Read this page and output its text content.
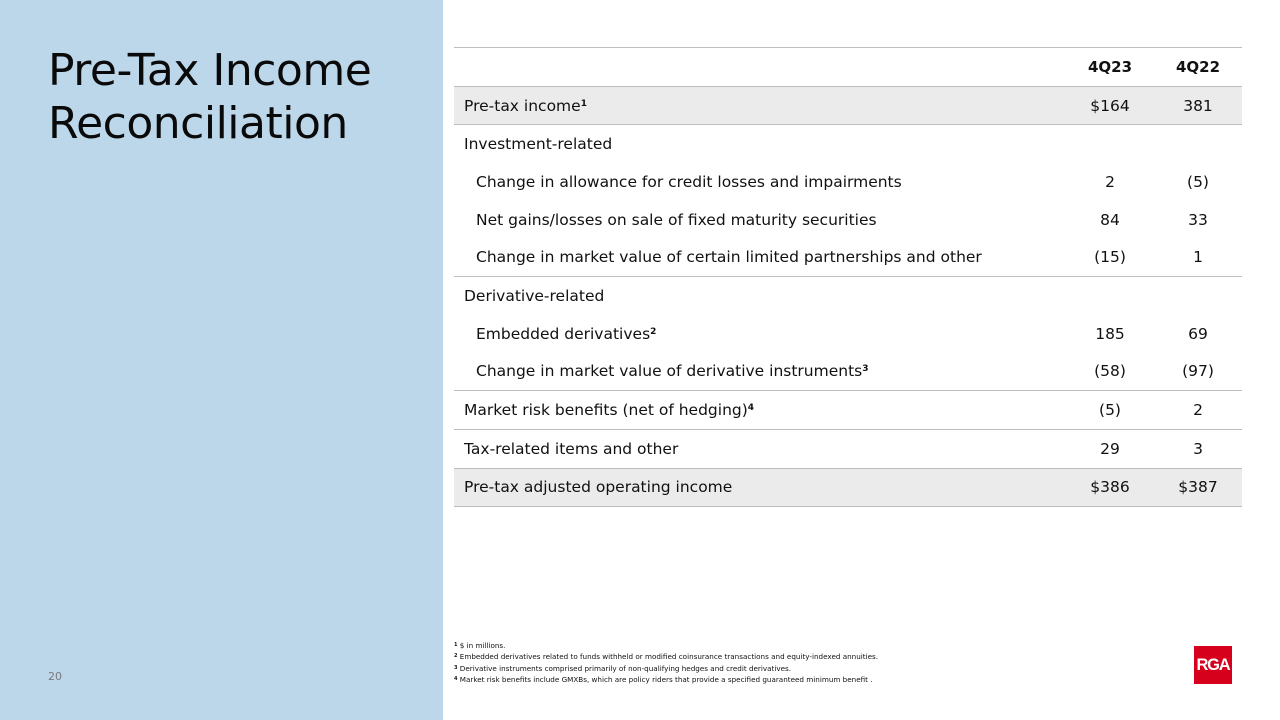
Pre-Tax Income
Reconciliation
20
	4Q23	4Q22
Pre-tax income$^1$	$164	381
Investment-related		
Change in allowance for credit losses and impairments	2	(5)
Net gains/losses on sale of fixed maturity securities	84	33
Change in market value of certain limited partnerships and other	(15)	1
Derivative-related		
Embedded derivatives$^2$	185	69
Change in market value of derivative instruments$^3$	(58)	(97)
Market risk benefits (net of hedging)$^4$	(5)	2
Tax-related items and other	29	3
Pre-tax adjusted operating income	$386	$387
$^1$ $ in millions.
$^2$ Embedded derivatives related to funds withheld or modified coinsurance transactions and equity-indexed annuities.
$^3$ Derivative instruments comprised primarily of non-qualifying hedges and credit derivatives.
$^4$ Market risk benefits include GMXBs, which are policy riders that provide a specified guaranteed minimum benefit .
RGA
